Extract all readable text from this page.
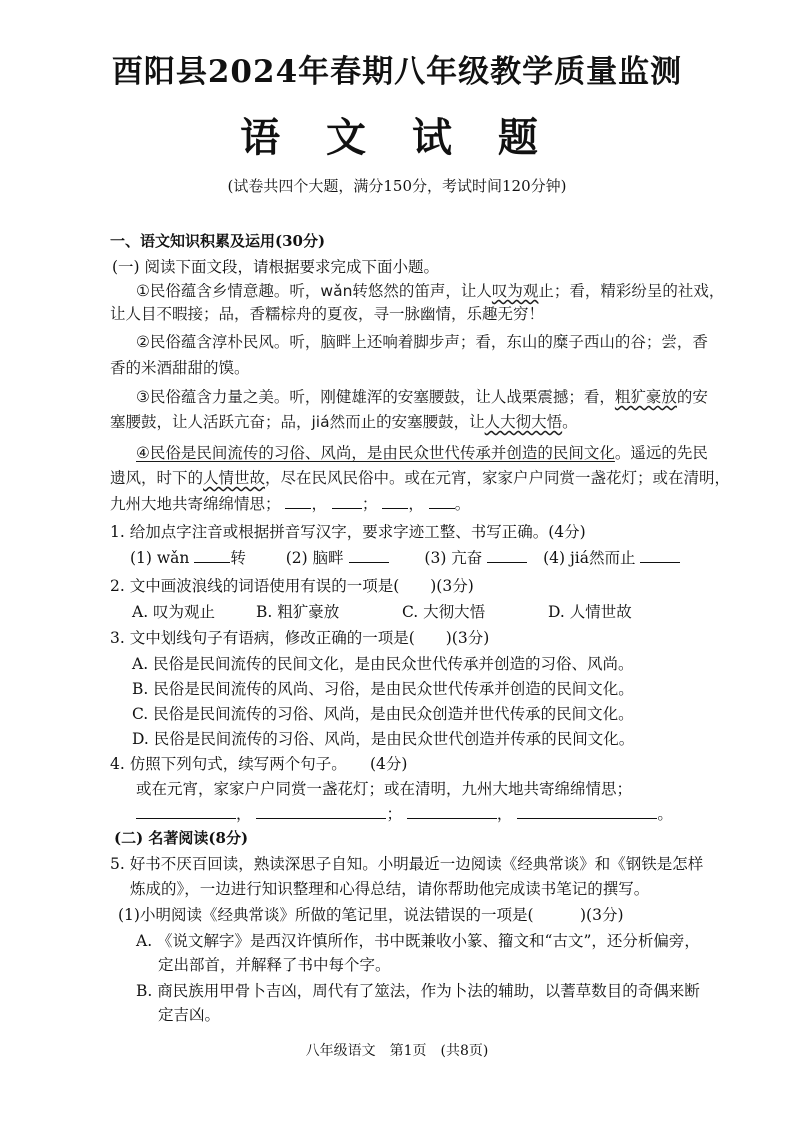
酉阳县2024年春期八年级教学质量监测
语 文 试 题
(试卷共四个大题，满分150分，考试时间120分钟)
一、语文知识积累及运用(30分)
(一) 阅读下面文段，请根据要求完成下面小题。
①民俗蕴含乡情意趣。听，wǎn转悠然的笛声，让人叹为观止；看，精彩纷呈的社戏，
让人目不暇接；品，香糯棕舟的夏夜，寻一脉幽情，乐趣无穷！
②民俗蕴含淳朴民风。听，脑畔上还响着脚步声；看，东山的糜子西山的谷；尝，香
香的米酒甜甜的馍。
③民俗蕴含力量之美。听，刚健雄浑的安塞腰鼓，让人战栗震撼；看，粗犷豪放的安
塞腰鼓，让人活跃亢奋；品，jiá然而止的安塞腰鼓，让人大彻大悟。
④民俗是民间流传的习俗、风尚，是由民众世代传承并创造的民间文化。遥远的先民
遗风，时下的人情世故，尽在民风民俗中。或在元宵，家家户户同赏一盏花灯；或在清明，
九州大地共寄绵绵情思； ， ； ， 。
1. 给加点字注音或根据拼音写汉字，要求字迹工整、书写正确。(4分)
(1) wǎn	转	(2) 脑畔	(3) 亢奋	(4) jiá然而止
2. 文中画波浪线的词语使用有误的一项是(　　)(3分)
A. 叹为观止	B. 粗犷豪放	C. 大彻大悟	D. 人情世故
3. 文中划线句子有语病，修改正确的一项是(　　)(3分)
A. 民俗是民间流传的民间文化，是由民众世代传承并创造的习俗、风尚。
B. 民俗是民间流传的风尚、习俗，是由民众世代传承并创造的民间文化。
C. 民俗是民间流传的习俗、风尚，是由民众创造并世代传承的民间文化。
D. 民俗是民间流传的习俗、风尚，是由民众世代创造并传承的民间文化。
4. 仿照下列句式，续写两个句子。　　(4分)
或在元宵，家家户户同赏一盏花灯；或在清明，九州大地共寄绵绵情思；
，	；	，	。
(二) 名著阅读(8分)
5. 好书不厌百回读，熟读深思子自知。小明最近一边阅读《经典常谈》和《钢铁是怎样
炼成的》，一边进行知识整理和心得总结，请你帮助他完成读书笔记的撰写。
(1)小明阅读《经典常谈》所做的笔记里，说法错误的一项是(　　　)(3分)
A. 《说文解字》是西汉许慎所作，书中既兼收小篆、籀文和“古文”，还分析偏旁，
定出部首，并解释了书中每个字。
B. 商民族用甲骨卜吉凶，周代有了筮法，作为卜法的辅助，以蓍草数目的奇偶来断
定吉凶。
八年级语文　第1页　(共8页)
